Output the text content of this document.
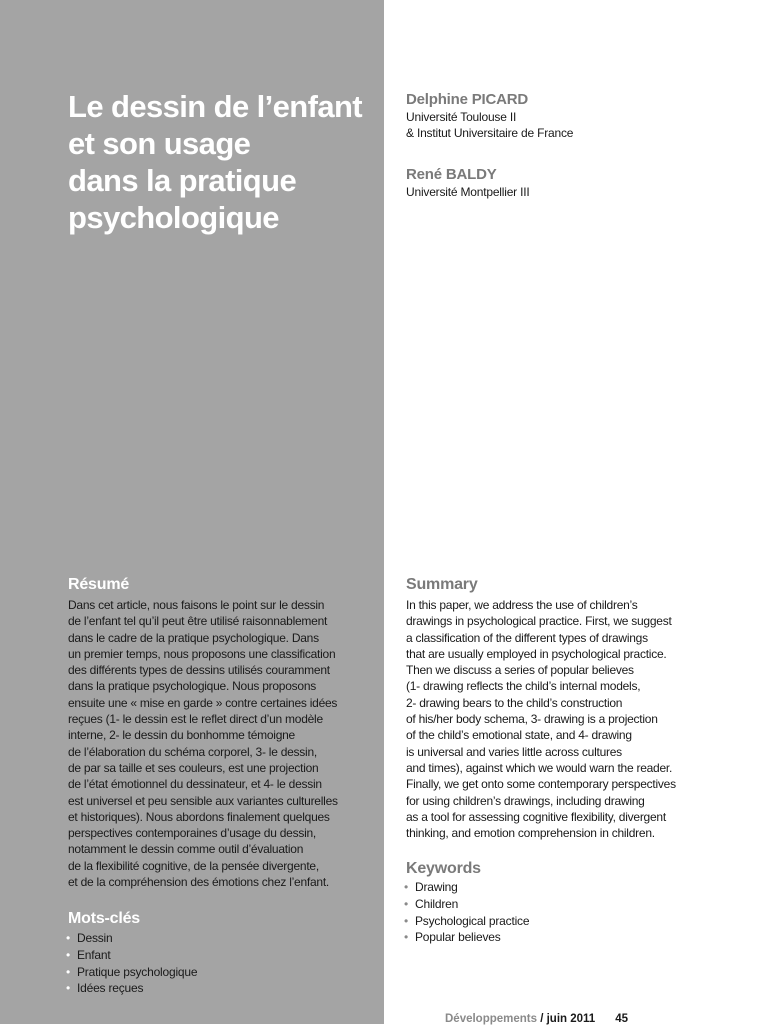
Le dessin de l’enfant
et son usage
dans la pratique
psychologique
Delphine PICARD
Université Toulouse II
& Institut Universitaire de France
René BALDY
Université Montpellier III
Résumé
Dans cet article, nous faisons le point sur le dessin
de l’enfant tel qu’il peut être utilisé raisonnablement
dans le cadre de la pratique psychologique. Dans
un premier temps, nous proposons une classification
des différents types de dessins utilisés couramment
dans la pratique psychologique. Nous proposons
ensuite une « mise en garde » contre certaines idées
reçues (1- le dessin est le reflet direct d’un modèle
interne, 2- le dessin du bonhomme témoigne
de l’élaboration du schéma corporel, 3- le dessin,
de par sa taille et ses couleurs, est une projection
de l’état émotionnel du dessinateur, et 4- le dessin
est universel et peu sensible aux variantes culturelles
et historiques). Nous abordons finalement quelques
perspectives contemporaines d’usage du dessin,
notamment le dessin comme outil d’évaluation
de la flexibilité cognitive, de la pensée divergente,
et de la compréhension des émotions chez l’enfant.
Mots-clés
• Dessin
• Enfant
• Pratique psychologique
• Idées reçues
Summary
In this paper, we address the use of children’s
drawings in psychological practice. First, we suggest
a classification of the different types of drawings
that are usually employed in psychological practice.
Then we discuss a series of popular believes
(1- drawing reflects the child’s internal models,
2- drawing bears to the child’s construction
of his/her body schema, 3- drawing is a projection
of the child’s emotional state, and 4- drawing
is universal and varies little across cultures
and times), against which we would warn the reader.
Finally, we get onto some contemporary perspectives
for using children’s drawings, including drawing
as a tool for assessing cognitive flexibility, divergent
thinking, and emotion comprehension in children.
Keywords
• Drawing
• Children
• Psychological practice
• Popular believes
Développements / juin 2011 45
